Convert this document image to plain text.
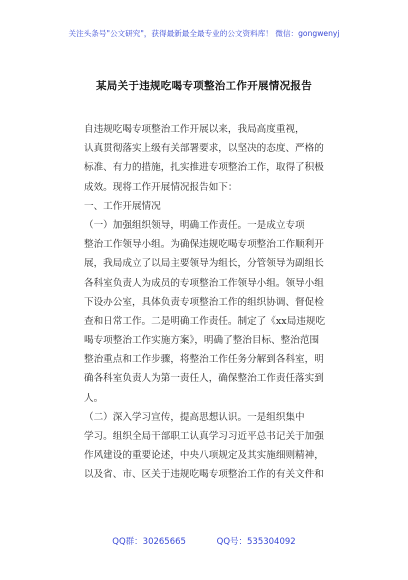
关注头条号"公文研究"，获得最新最全最专业的公文资料库！ 微信：gongwenyj
某局关于违规吃喝专项整治工作开展情况报告
自违规吃喝专项整治工作开展以来，我局高度重视，
认真贯彻落实上级有关部署要求，以坚决的态度、严格的
标准、有力的措施，扎实推进专项整治工作，取得了积极
成效。现将工作开展情况报告如下：
一、工作开展情况
（一）加强组织领导，明确工作责任。一是成立专项
整治工作领导小组。为确保违规吃喝专项整治工作顺利开
展，我局成立了以局主要领导为组长，分管领导为副组长
各科室负责人为成员的专项整治工作领导小组。领导小组
下设办公室，具体负责专项整治工作的组织协调、督促检
查和日常工作。二是明确工作责任。制定了《xx局违规吃
喝专项整治工作实施方案》，明确了整治目标、整治范围
整治重点和工作步骤，将整治工作任务分解到各科室，明
确各科室负责人为第一责任人，确保整治工作责任落实到
人。
（二）深入学习宣传，提高思想认识。一是组织集中
学习。组织全局干部职工认真学习习近平总书记关于加强
作风建设的重要论述，中央八项规定及其实施细则精神，
以及省、市、区关于违规吃喝专项整治工作的有关文件和
QQ群：30265665	QQ号：535304092
